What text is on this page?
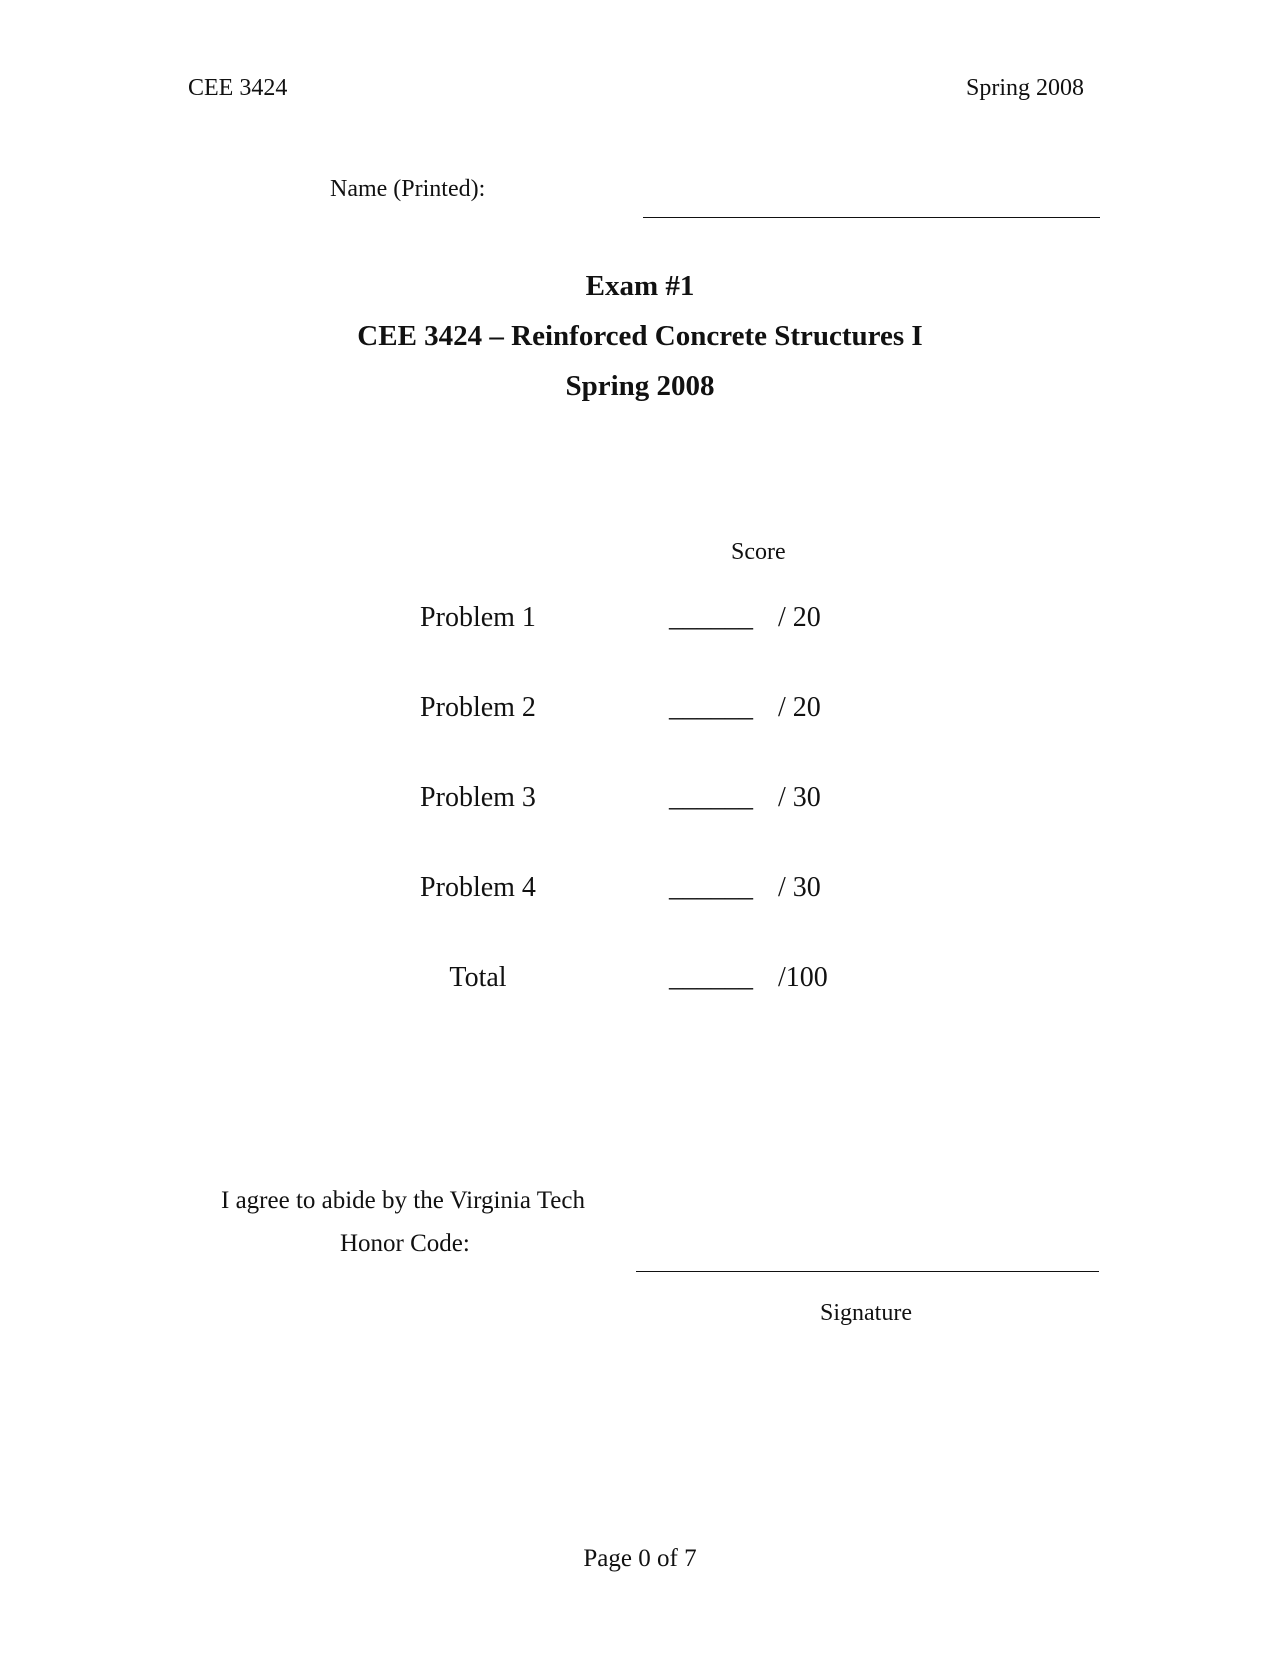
CEE 3424	Spring 2008
Name (Printed):
Exam #1
CEE 3424 – Reinforced Concrete Structures I
Spring 2008
Score
Problem 1	______ / 20
Problem 2	______ / 20
Problem 3	______ / 30
Problem 4	______ / 30
Total	______ /100
I agree to abide by the Virginia Tech
Honor Code:
Signature
Page 0 of 7
